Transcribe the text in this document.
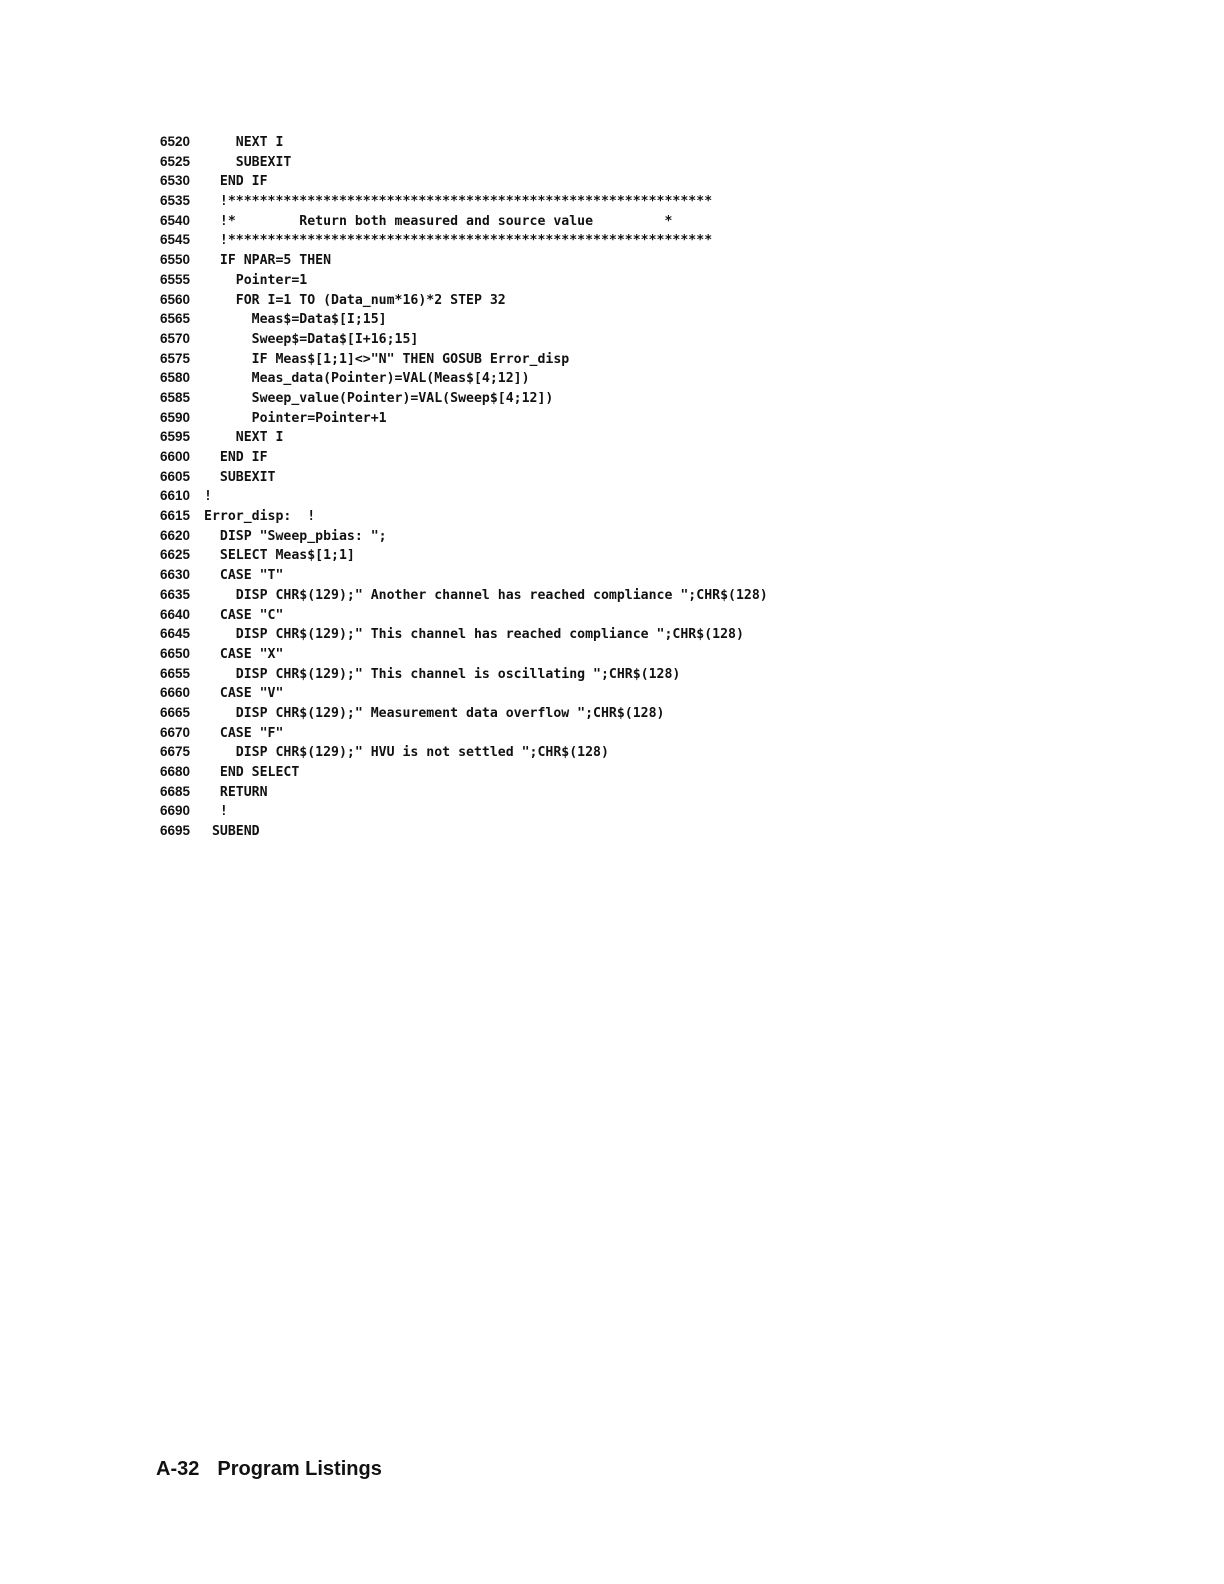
6520    NEXT I
6525    SUBEXIT
6530  END IF
6535  !*************************************************************
6540  !*        Return both measured and source value         *
6545  !*************************************************************
6550  IF NPAR=5 THEN
6555    Pointer=1
6560    FOR I=1 TO (Data_num*16)*2 STEP 32
6565      Meas$=Data$[I;15]
6570      Sweep$=Data$[I+16;15]
6575      IF Meas$[1;1]<>"N" THEN GOSUB Error_disp
6580      Meas_data(Pointer)=VAL(Meas$[4;12])
6585      Sweep_value(Pointer)=VAL(Sweep$[4;12])
6590      Pointer=Pointer+1
6595    NEXT I
6600  END IF
6605  SUBEXIT
6610 !
6615 Error_disp:  !
6620  DISP "Sweep_pbias: ";
6625  SELECT Meas$[1;1]
6630  CASE "T"
6635    DISP CHR$(129);" Another channel has reached compliance ";CHR$(128)
6640  CASE "C"
6645    DISP CHR$(129);" This channel has reached compliance ";CHR$(128)
6650  CASE "X"
6655    DISP CHR$(129);" This channel is oscillating ";CHR$(128)
6660  CASE "V"
6665    DISP CHR$(129);" Measurement data overflow ";CHR$(128)
6670  CASE "F"
6675    DISP CHR$(129);" HVU is not settled ";CHR$(128)
6680  END SELECT
6685  RETURN
6690  !
6695 SUBEND
A-32 Program Listings
